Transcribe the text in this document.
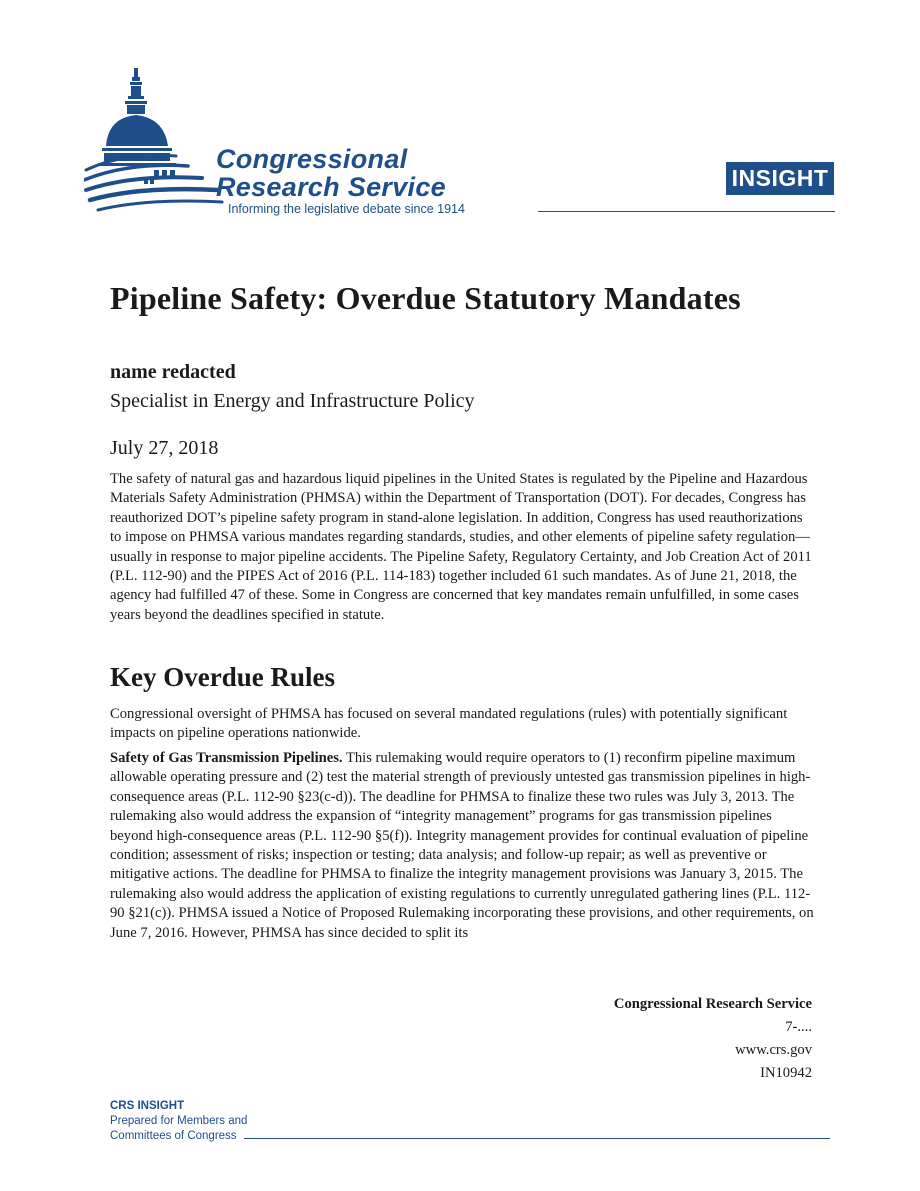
Congressional
Research Service
Informing the legislative debate since 1914
INSIGHT
Pipeline Safety: Overdue Statutory Mandates
name redacted
Specialist in Energy and Infrastructure Policy
July 27, 2018

The safety of natural gas and hazardous liquid pipelines in the United States is regulated by the Pipeline and Hazardous Materials Safety Administration (PHMSA) within the Department of Transportation (DOT). For decades, Congress has reauthorized DOT’s pipeline safety program in stand-alone legislation. In addition, Congress has used reauthorizations to impose on PHMSA various mandates regarding standards, studies, and other elements of pipeline safety regulation—usually in response to major pipeline accidents. The Pipeline Safety, Regulatory Certainty, and Job Creation Act of 2011 (P.L. 112-90) and the PIPES Act of 2016 (P.L. 114-183) together included 61 such mandates. As of June 21, 2018, the agency had fulfilled 47 of these. Some in Congress are concerned that key mandates remain unfulfilled, in some cases years beyond the deadlines specified in statute.

Key Overdue Rules

Congressional oversight of PHMSA has focused on several mandated regulations (rules) with potentially significant impacts on pipeline operations nationwide.

Safety of Gas Transmission Pipelines. This rulemaking would require operators to (1) reconfirm pipeline maximum allowable operating pressure and (2) test the material strength of previously untested gas transmission pipelines in high-consequence areas (P.L. 112-90 §23(c-d)). The deadline for PHMSA to finalize these two rules was July 3, 2013. The rulemaking also would address the expansion of “integrity management” programs for gas transmission pipelines beyond high-consequence areas (P.L. 112-90 §5(f)). Integrity management provides for continual evaluation of pipeline condition; assessment of risks; inspection or testing; data analysis; and follow-up repair; as well as preventive or mitigative actions. The deadline for PHMSA to finalize the integrity management provisions was January 3, 2015. The rulemaking also would address the application of existing regulations to currently unregulated gathering lines (P.L. 112-90 §21(c)). PHMSA issued a Notice of Proposed Rulemaking incorporating these provisions, and other requirements, on June 7, 2016. However, PHMSA has since decided to split its

Congressional Research Service
7-....
www.crs.gov
IN10942
CRS INSIGHT
Prepared for Members and
Committees of Congress
